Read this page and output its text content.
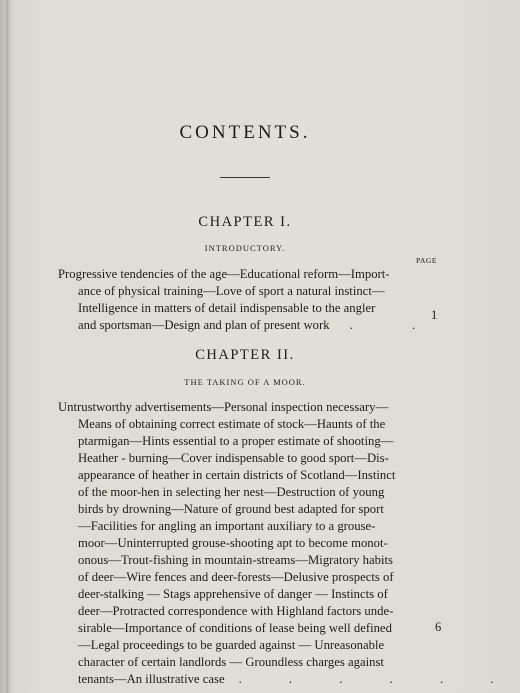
CONTENTS.
CHAPTER I.
INTRODUCTORY.
PAGE
Progressive tendencies of the age—Educational reform—Import-
ance of physical training—Love of sport a natural instinct—
Intelligence in matters of detail indispensable to the angler
and sportsman—Design and plan of present work . .
1
CHAPTER II.
THE TAKING OF A MOOR.
Untrustworthy advertisements—Personal inspection necessary—
Means of obtaining correct estimate of stock—Haunts of the
ptarmigan—Hints essential to a proper estimate of shooting—
Heather - burning—Cover indispensable to good sport—Dis-
appearance of heather in certain districts of Scotland—Instinct
of the moor-hen in selecting her nest—Destruction of young
birds by drowning—Nature of ground best adapted for sport
—Facilities for angling an important auxiliary to a grouse-
moor—Uninterrupted grouse-shooting apt to become monot-
onous—Trout-fishing in mountain-streams—Migratory habits
of deer—Wire fences and deer-forests—Delusive prospects of
deer-stalking — Stags apprehensive of danger — Instincts of
deer—Protracted correspondence with Highland factors unde-
sirable—Importance of conditions of lease being well defined
—Legal proceedings to be guarded against — Unreasonable
character of certain landlords — Groundless charges against
tenants—An illustrative case . . . . . .
6
